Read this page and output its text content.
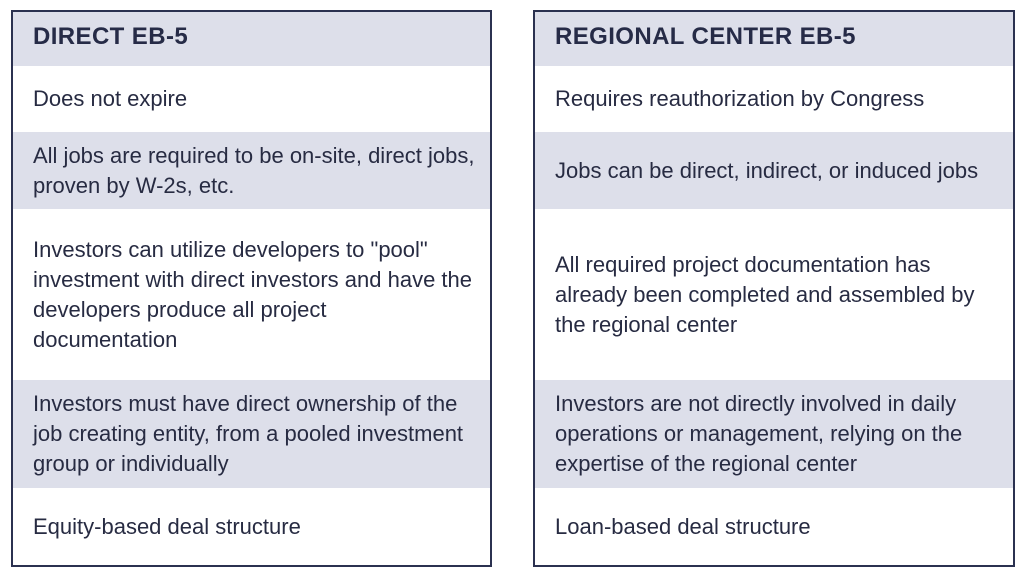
DIRECT EB-5
Does not expire
All jobs are required to be on-site, direct jobs, proven by W-2s, etc.
Investors can utilize developers to "pool" investment with direct investors and have the developers produce all project documentation
Investors must have direct ownership of the job creating entity, from a pooled investment group or individually
Equity-based deal structure
REGIONAL CENTER EB-5
Requires reauthorization by Congress
Jobs can be direct, indirect, or induced jobs
All required project documentation has already been completed and assembled by the regional center
Investors are not directly involved in daily operations or management, relying on the expertise of the regional center
Loan-based deal structure
